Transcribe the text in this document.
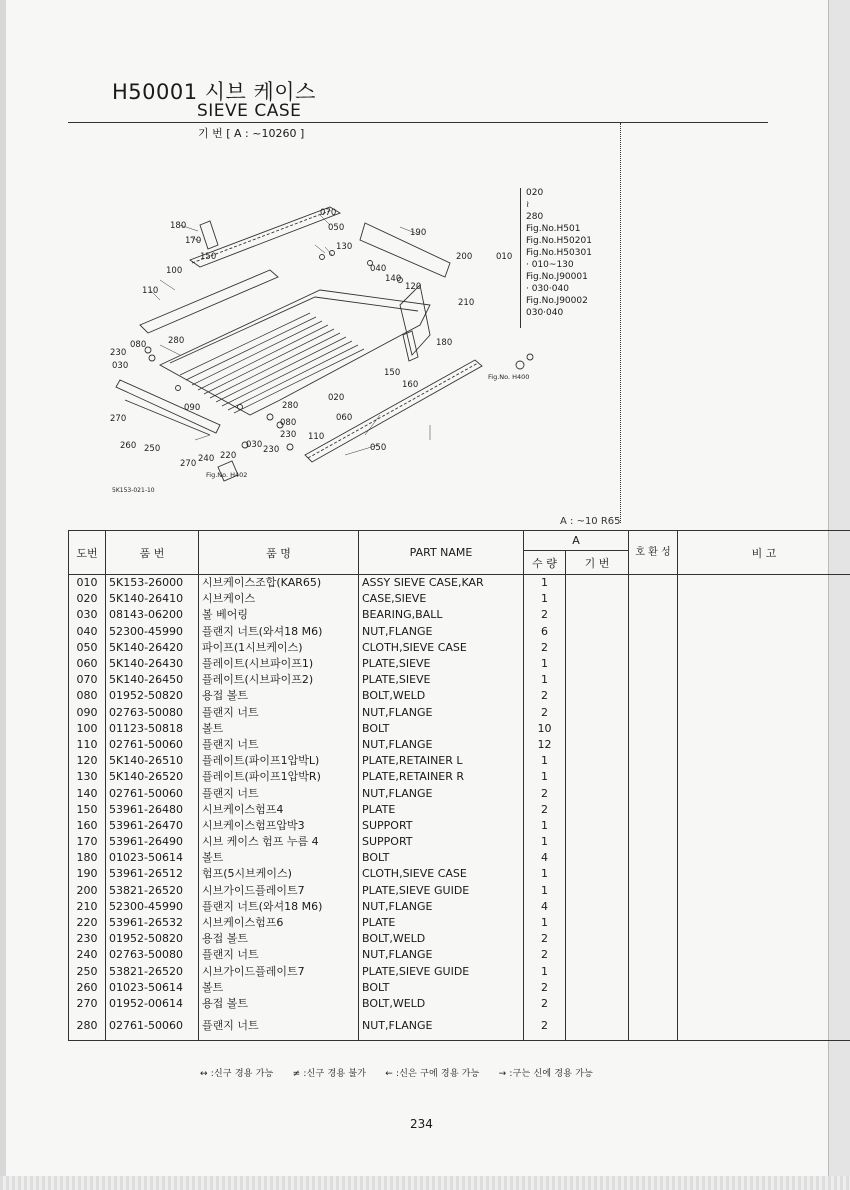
H50001 시브 케이스
SIEVE CASE
기 번 [ A : ~10260 ]
A : ~10 R65
070
050
180
170
150
190
200	010
140
130
040
100
110	120
210
280
230
080
030
180
150
160
020
090
060
270
280
080
230 110
260 250	030 230	050
270 240 220
Fig.No. H400
Fig.No. H402
5K153-021-10
020
≀
280
Fig.No.H501
Fig.No.H50201
Fig.No.H50301
· 010~130
Fig.No.J90001
· 030·040
Fig.No.J90002
030·040
도번	품 번	품 명	PART NAME	A		호 환 성	비 고
				수 량	기 번		
010	5K153-26000	시브케이스조합(KAR65)	ASSY SIEVE CASE,KAR	1			
020	5K140-26410	시브케이스	CASE,SIEVE	1			
030	08143-06200	볼 베어링	BEARING,BALL	2			
040	52300-45990	플랜지 너트(와셔18 M6)	NUT,FLANGE	6			
050	5K140-26420	파이프(1시브케이스)	CLOTH,SIEVE CASE	2			
060	5K140-26430	플레이트(시브파이프1)	PLATE,SIEVE	1			
070	5K140-26450	플레이트(시브파이프2)	PLATE,SIEVE	1			
080	01952-50820	용접 볼트	BOLT,WELD	2			
090	02763-50080	플랜지 너트	NUT,FLANGE	2			
100	01123-50818	볼트	BOLT	10			
110	02761-50060	플랜지 너트	NUT,FLANGE	12			
120	5K140-26510	플레이트(파이프1압박L)	PLATE,RETAINER L	1			
130	5K140-26520	플레이트(파이프1압박R)	PLATE,RETAINER R	1			
140	02761-50060	플랜지 너트	NUT,FLANGE	2			
150	53961-26480	시브케이스험프4	PLATE	2			
160	53961-26470	시브케이스험프압박3	SUPPORT	1			
170	53961-26490	시브 케이스 험프 누름 4	SUPPORT	1			
180	01023-50614	볼트	BOLT	4			
190	53961-26512	험프(5시브케이스)	CLOTH,SIEVE CASE	1			
200	53821-26520	시브가이드플레이트7	PLATE,SIEVE GUIDE	1			
210	52300-45990	플랜지 너트(와셔18 M6)	NUT,FLANGE	4			
220	53961-26532	시브케이스험프6	PLATE	1			
230	01952-50820	용접 볼트	BOLT,WELD	2			
240	02763-50080	플랜지 너트	NUT,FLANGE	2			
250	53821-26520	시브가이드플레이트7	PLATE,SIEVE GUIDE	1			
260	01023-50614	볼트	BOLT	2			
270	01952-00614	용접 볼트	BOLT,WELD	2			
280	02761-50060	플랜지 너트	NUT,FLANGE	2			
↔ :신구 경용 가능 ≠ :신구 경용 불가 ← :신은 구에 경용 가능 → :구는 신에 경용 가능
234
